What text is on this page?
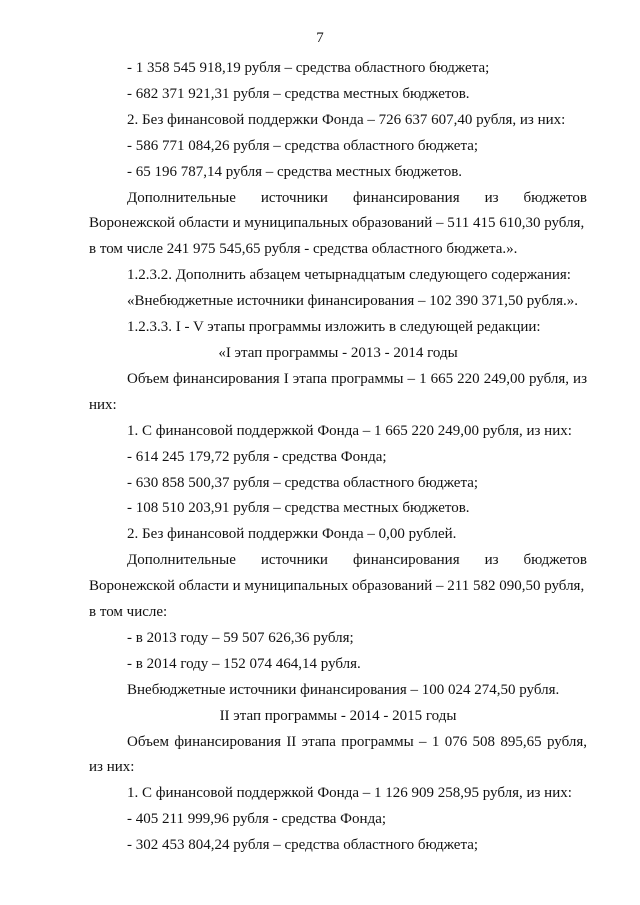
7
- 1 358 545 918,19 рубля – средства областного бюджета;
- 682 371 921,31 рубля – средства местных бюджетов.
2. Без финансовой поддержки Фонда – 726 637 607,40 рубля, из них:
- 586 771 084,26 рубля – средства областного бюджета;
- 65 196 787,14 рубля – средства местных бюджетов.
Дополнительные источники финансирования из бюджетов
Воронежской области и муниципальных образований – 511 415 610,30 рубля,
в том числе 241 975 545,65 рубля - средства областного бюджета.».
1.2.3.2. Дополнить абзацем четырнадцатым следующего содержания:
«Внебюджетные источники финансирования – 102 390 371,50 рубля.».
1.2.3.3. I - V этапы программы изложить в следующей редакции:
«I этап программы - 2013 - 2014 годы
Объем финансирования I этапа программы – 1 665 220 249,00 рубля, из
них:
1. С финансовой поддержкой Фонда – 1 665 220 249,00 рубля, из них:
- 614 245 179,72 рубля - средства Фонда;
- 630 858 500,37 рубля – средства областного бюджета;
- 108 510 203,91 рубля – средства местных бюджетов.
2. Без финансовой поддержки Фонда – 0,00 рублей.
Дополнительные источники финансирования из бюджетов
Воронежской области и муниципальных образований – 211 582 090,50 рубля,
в том числе:
- в 2013 году – 59 507 626,36 рубля;
- в 2014 году – 152 074 464,14 рубля.
Внебюджетные источники финансирования – 100 024 274,50 рубля.
II этап программы - 2014 - 2015 годы
Объем финансирования II этапа программы – 1 076 508 895,65 рубля,
из них:
1. С финансовой поддержкой Фонда – 1 126 909 258,95 рубля, из них:
- 405 211 999,96 рубля - средства Фонда;
- 302 453 804,24 рубля – средства областного бюджета;
